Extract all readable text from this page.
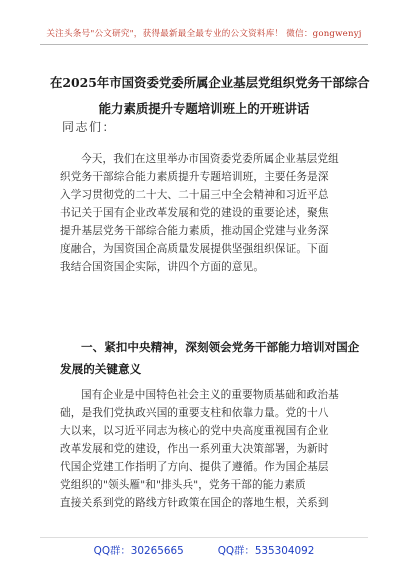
关注头条号"公文研究"，获得最新最全最专业的公文资料库！ 微信：gongwenyj
在2025年市国资委党委所属企业基层党组织党务干部综合
能力素质提升专题培训班上的开班讲话
同志们：
今天，我们在这里举办市国资委党委所属企业基层党组
织党务干部综合能力素质提升专题培训班，主要任务是深
入学习贯彻党的二十大、二十届三中全会精神和习近平总
书记关于国有企业改革发展和党的建设的重要论述，聚焦
提升基层党务干部综合能力素质，推动国企党建与业务深
度融合，为国资国企高质量发展提供坚强组织保证。下面
我结合国资国企实际，讲四个方面的意见。
一、紧扣中央精神，深刻领会党务干部能力培训对国企
发展的关键意义
国有企业是中国特色社会主义的重要物质基础和政治基
础，是我们党执政兴国的重要支柱和依靠力量。党的十八
大以来，以习近平同志为核心的党中央高度重视国有企业
改革发展和党的建设，作出一系列重大决策部署，为新时
代国企党建工作指明了方向、提供了遵循。作为国企基层
党组织的"领头雁"和"排头兵"，党务干部的能力素质
直接关系到党的路线方针政策在国企的落地生根，关系到
QQ群：30265665	QQ群：535304092
